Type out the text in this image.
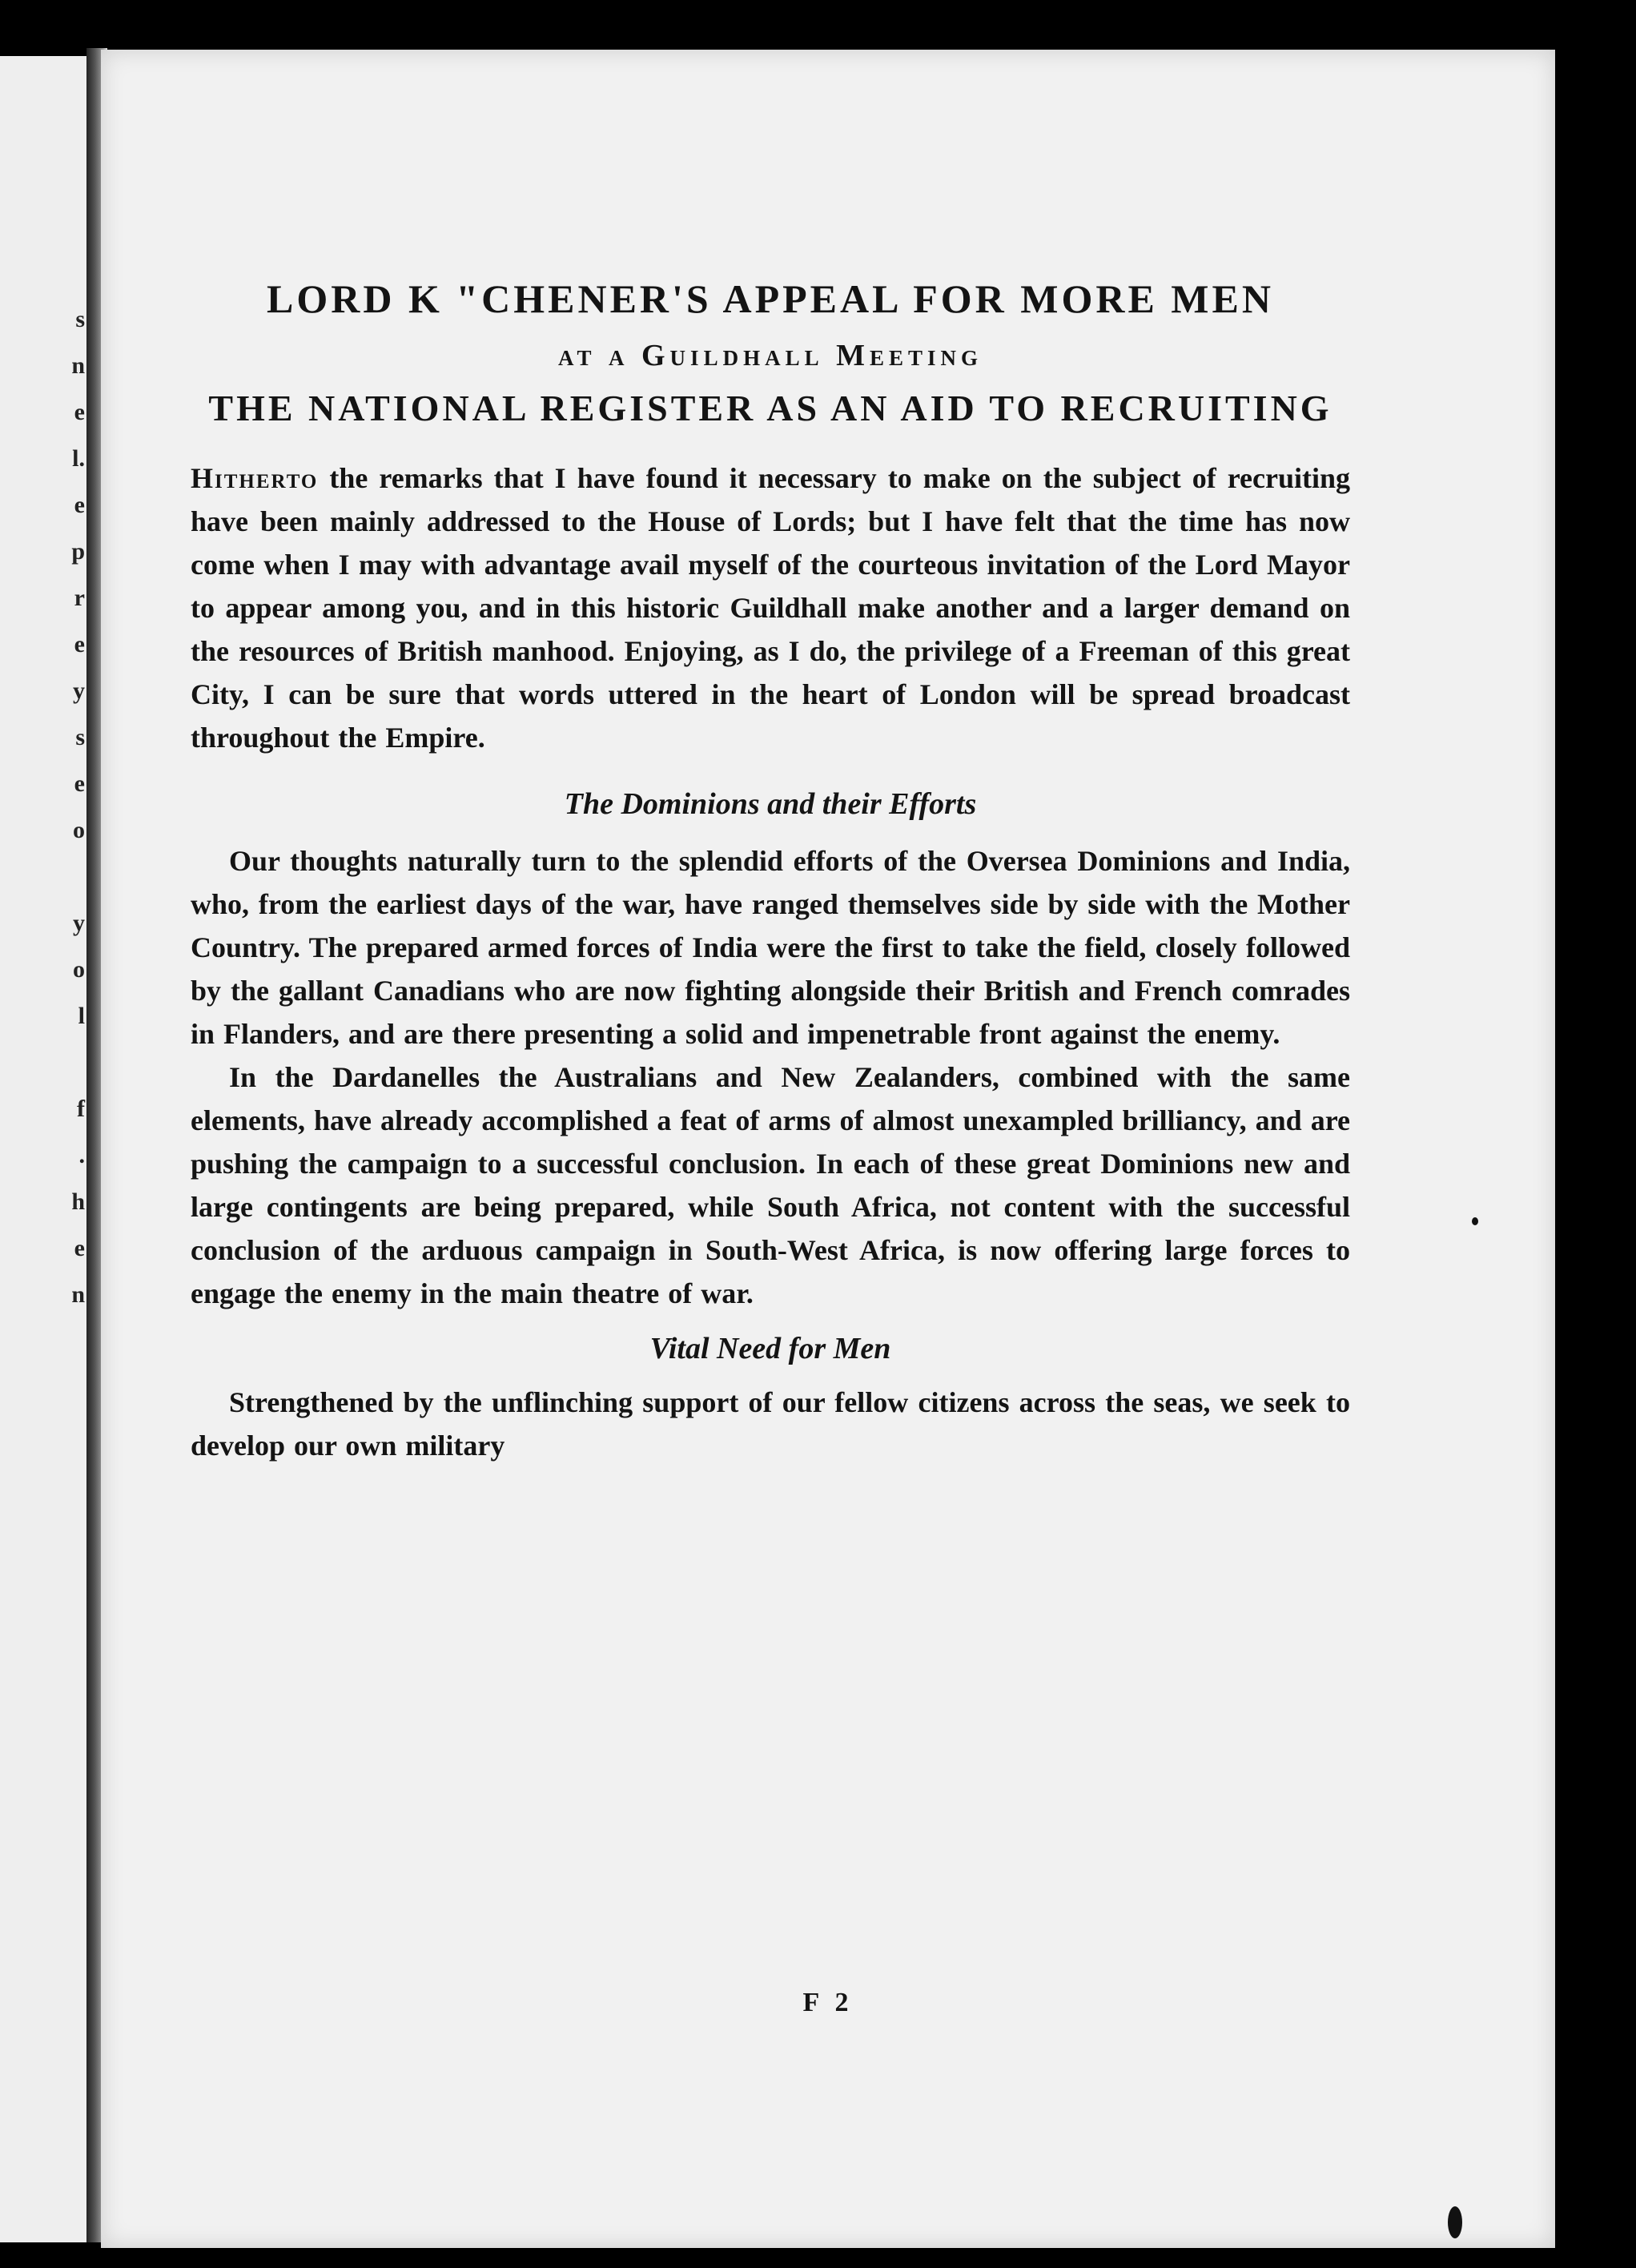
s
n
e
l.
e
p
r
e
y
s
e
o

y
o
l

f
.
h
e
n
LORD K "CHENER'S APPEAL FOR MORE MEN
at a Guildhall Meeting
THE NATIONAL REGISTER AS AN AID TO RECRUITING

Hitherto the remarks that I have found it necessary to make on the subject of recruiting have been mainly addressed to the House of Lords; but I have felt that the time has now come when I may with advantage avail myself of the courteous invitation of the Lord Mayor to appear among you, and in this historic Guildhall make another and a larger demand on the resources of British manhood. Enjoying, as I do, the privilege of a Freeman of this great City, I can be sure that words uttered in the heart of London will be spread broadcast throughout the Empire.

The Dominions and their Efforts

Our thoughts naturally turn to the splendid efforts of the Oversea Dominions and India, who, from the earliest days of the war, have ranged themselves side by side with the Mother Country. The prepared armed forces of India were the first to take the field, closely followed by the gallant Canadians who are now fighting alongside their British and French comrades in Flanders, and are there presenting a solid and impenetrable front against the enemy.

In the Dardanelles the Australians and New Zealanders, combined with the same elements, have already accomplished a feat of arms of almost unexampled brilliancy, and are pushing the campaign to a successful conclusion. In each of these great Dominions new and large contingents are being prepared, while South Africa, not content with the successful conclusion of the arduous campaign in South-West Africa, is now offering large forces to engage the enemy in the main theatre of war.

Vital Need for Men

Strengthened by the unflinching support of our fellow citizens across the seas, we seek to develop our own military

F 2
